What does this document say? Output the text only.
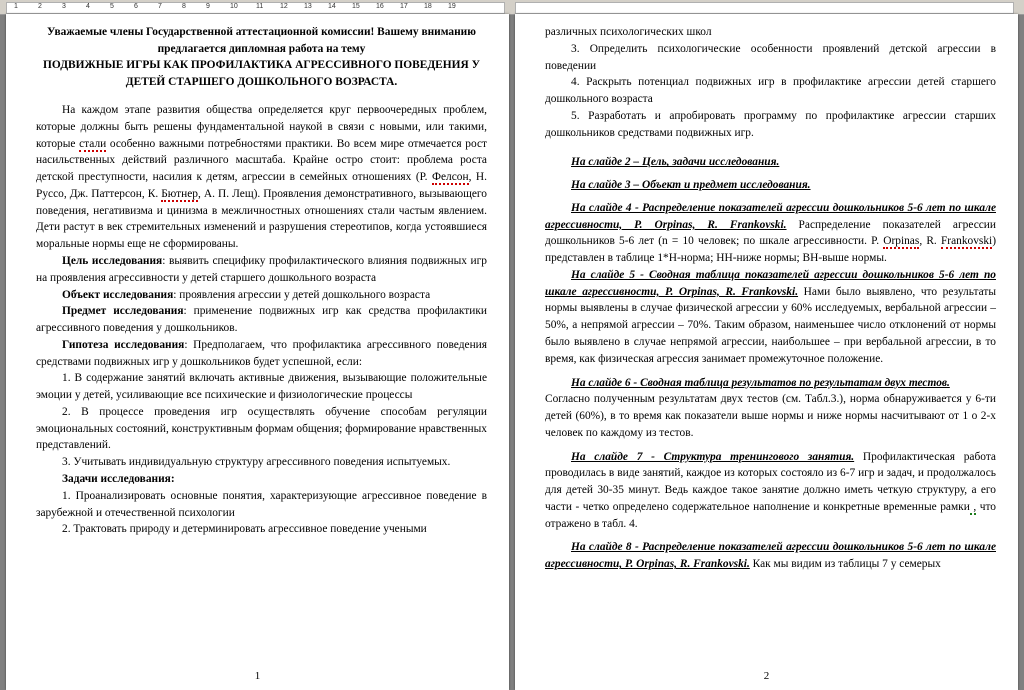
1	2	3	4	5	6	7	8	9	10	11 12 13 14 15 16 17 18 19
Уважаемые члены Государственной аттестационной комиссии! Вашему вниманию предлагается дипломная работа на тему
ПОДВИЖНЫЕ ИГРЫ КАК ПРОФИЛАКТИКА АГРЕССИВНОГО ПОВЕДЕНИЯ У ДЕТЕЙ СТАРШЕГО ДОШКОЛЬНОГО ВОЗРАСТА.

На каждом этапе развития общества определяется круг первоочередных проблем, которые должны быть решены фундаментальной наукой в связи с новыми, или такими, которые стали особенно важными потребностями практики. Во всем мире отмечается рост насильственных действий различного масштаба. Крайне остро стоит: проблема роста детской преступности, насилия к детям, агрессии в семейных отношениях (Р. Фелсон, Н. Руссо, Дж. Паттерсон, К. Бютнер, А. П. Лещ). Проявления демонстративного, вызывающего поведения, негативизма и цинизма в межличностных отношениях стали частым явлением. Дети растут в век стремительных изменений и разрушения стереотипов, когда устоявшиеся моральные нормы еще не сформированы.

Цель исследования: выявить специфику профилактического влияния подвижных игр на проявления агрессивности у детей старшего дошкольного возраста

Объект исследования: проявления агрессии у детей дошкольного возраста

Предмет исследования: применение подвижных игр как средства профилактики агрессивного поведения у дошкольников.

Гипотеза исследования: Предполагаем, что профилактика агрессивного поведения средствами подвижных игр у дошкольников будет успешной, если:

1. В содержание занятий включать активные движения, вызывающие положительные эмоции у детей, усиливающие все психические и физиологические процессы

2. В процессе проведения игр осуществлять обучение способам регуляции эмоциональных состояний, конструктивным формам общения; формирование нравственных представлений.

3. Учитывать индивидуальную структуру агрессивного поведения испытуемых.

Задачи исследования:

1. Проанализировать основные понятия, характеризующие агрессивное поведение в зарубежной и отечественной психологии

2. Трактовать природу и детерминировать агрессивное поведение учеными

1

различных психологических школ

3. Определить психологические особенности проявлений детской агрессии в поведении

4. Раскрыть потенциал подвижных игр в профилактике агрессии детей старшего дошкольного возраста

5. Разработать и апробировать программу по профилактике агрессии старших дошкольников средствами подвижных игр.

На слайде 2 – Цель, задачи исследования.

На слайде 3 – Объект и предмет исследования.

На слайде 4 - Распределение показателей агрессии дошкольников 5-6 лет по шкале агрессивности, P. Orpinas, R. Frankovski. Распределение показателей агрессии дошкольников 5-6 лет (n = 10 человек; по шкале агрессивности. P. Orpinas, R. Frankovski) представлен в таблице 1*Н-норма; НН-ниже нормы; ВН-выше нормы.

На слайде 5 - Сводная таблица показателей агрессии дошкольников 5-6 лет по шкале агрессивности, P. Orpinas, R. Frankovski. Нами было выявлено, что результаты нормы выявлены в случае физической агрессии у 60% исследуемых, вербальной агрессии – 50%, а непрямой агрессии – 70%. Таким образом, наименьшее число отклонений от нормы было выявлено в случае непрямой агрессии, наибольшее – при вербальной агрессии, в то время, как физическая агрессия занимает промежуточное положение.

На слайде 6 - Сводная таблица результатов по результатам двух тестов.

Согласно полученным результатам двух тестов (см. Табл.3.), норма обнаруживается у 6-ти детей (60%), в то время как показатели выше нормы и ниже нормы насчитывают от 1 о 2-х человек по каждому из тестов.

На слайде 7 - Структура тренингового занятия. Профилактическая работа проводилась в виде занятий, каждое из которых состояло из 6-7 игр и задач, и продолжалось для детей 30-35 минут. Ведь каждое такое занятие должно иметь четкую структуру, а его части - четко определено содержательное наполнение и конкретные временные рамки , что отражено в табл. 4.

На слайде 8 - Распределение показателей агрессии дошкольников 5-6 лет по шкале агрессивности, P. Orpinas, R. Frankovski. Как мы видим из таблицы 7 у семерых

2
